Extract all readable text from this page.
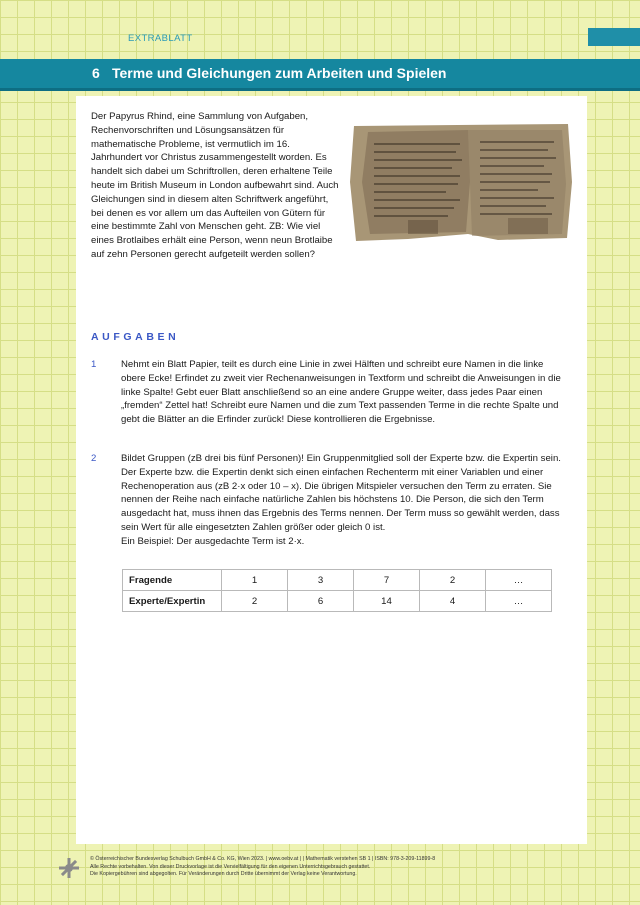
EXTRABLATT
6 Terme und Gleichungen zum Arbeiten und Spielen

Der Papyrus Rhind, eine Sammlung von Aufgaben, Rechenvorschriften und Lösungsansätzen für mathematische Probleme, ist vermutlich im 16. Jahrhundert vor Christus zusammengestellt worden. Es handelt sich dabei um Schriftrollen, deren erhaltene Teile heute im British Museum in London aufbewahrt sind. Auch Gleichungen sind in diesem alten Schriftwerk angeführt, bei denen es vor allem um das Aufteilen von Gütern für eine bestimmte Zahl von Menschen geht. ZB: Wie viel eines Brotlaibes erhält eine Person, wenn neun Brotlaibe auf zehn Personen gerecht aufgeteilt werden sollen?

AUFGABEN
1	Nehmt ein Blatt Papier, teilt es durch eine Linie in zwei Hälften und schreibt eure Namen in die linke obere Ecke! Erfindet zu zweit vier Rechenanweisungen in Textform und schreibt die Anweisungen in die linke Spalte! Gebt euer Blatt anschließend so an eine andere Gruppe weiter, dass jedes Paar einen „fremden“ Zettel hat! Schreibt eure Namen und die zum Text passenden Terme in die rechte Spalte und gebt die Blätter an die Erfinder zurück! Diese kontrollieren die Ergebnisse.

2	Bildet Gruppen (zB drei bis fünf Personen)! Ein Gruppenmitglied soll der Experte bzw. die Expertin sein. Der Experte bzw. die Expertin denkt sich einen einfachen Rechenterm mit einer Variablen und einer Rechenoperation aus (zB 2·x oder 10 – x). Die übrigen Mitspieler versuchen den Term zu erraten. Sie nennen der Reihe nach einfache natürliche Zahlen bis höchstens 10. Die Person, die sich den Term ausgedacht hat, muss ihnen das Ergebnis des Terms nennen. Der Term muss so gewählt werden, dass sein Wert für alle eingesetzten Zahlen größer oder gleich 0 ist.

Ein Beispiel: Der ausgedachte Term ist 2·x.

Fragende	1	3	7	2	…
Experte/Expertin	2	6	14	4	…
© Österreichischer Bundesverlag Schulbuch GmbH & Co. KG, Wien 2023. | www.oebv.at | | Mathematik verstehen SB 1 | ISBN: 978-3-209-11899-8
Alle Rechte vorbehalten. Von dieser Druckvorlage ist die Vervielfältigung für den eigenen Unterrichtsgebrauch gestattet.
Die Kopiergebühren sind abgegolten. Für Veränderungen durch Dritte übernimmt der Verlag keine Verantwortung.
